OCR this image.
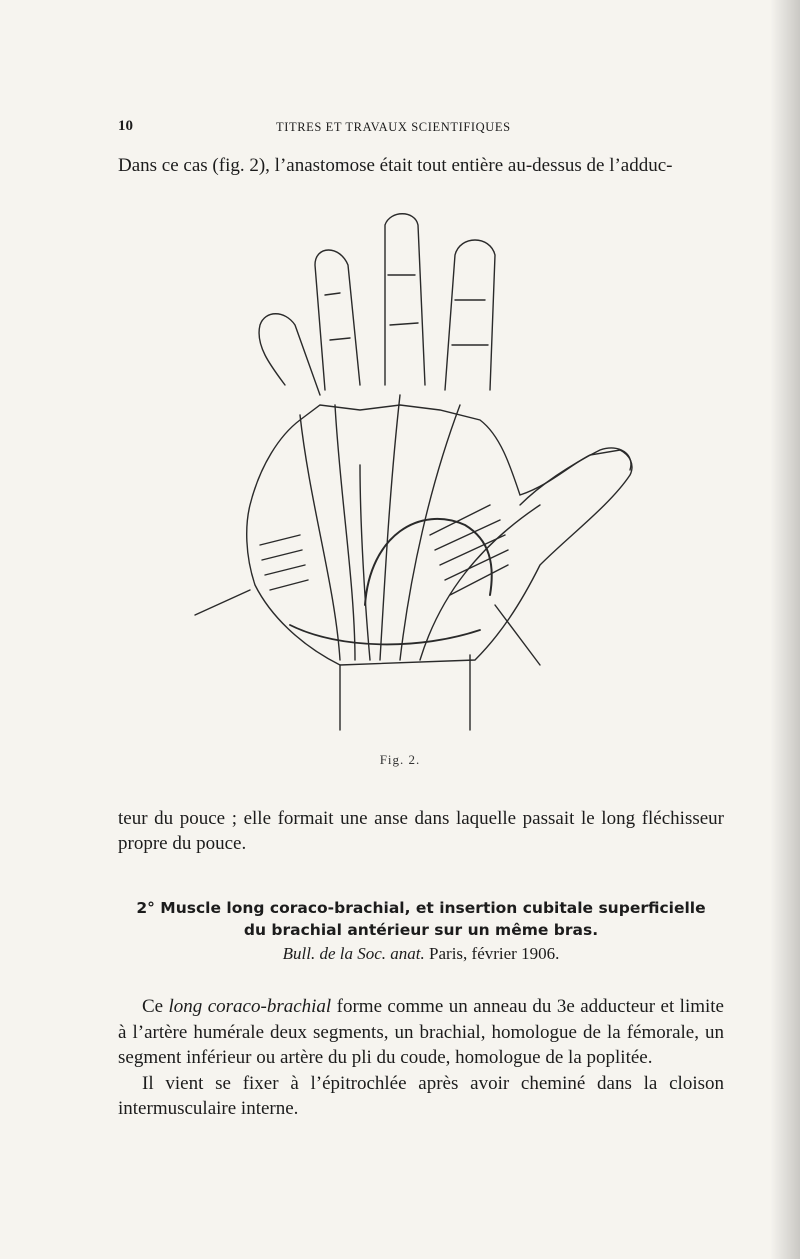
10	TITRES ET TRAVAUX SCIENTIFIQUES
Dans ce cas (fig. 2), l’anastomose était tout entière au-dessus de l’adduc-
Fig. 2.
teur du pouce ; elle formait une anse dans laquelle passait le long fléchisseur propre du pouce.
2° Muscle long coraco-brachial, et insertion cubitale superficielle
du brachial antérieur sur un même bras.
Bull. de la Soc. anat. Paris, février 1906.

Ce long coraco-brachial forme comme un anneau du 3e adducteur et limite à l’artère humérale deux segments, un brachial, homologue de la fémorale, un segment inférieur ou artère du pli du coude, homologue de la poplitée.

Il vient se fixer à l’épitrochlée après avoir cheminé dans la cloison intermusculaire interne.
